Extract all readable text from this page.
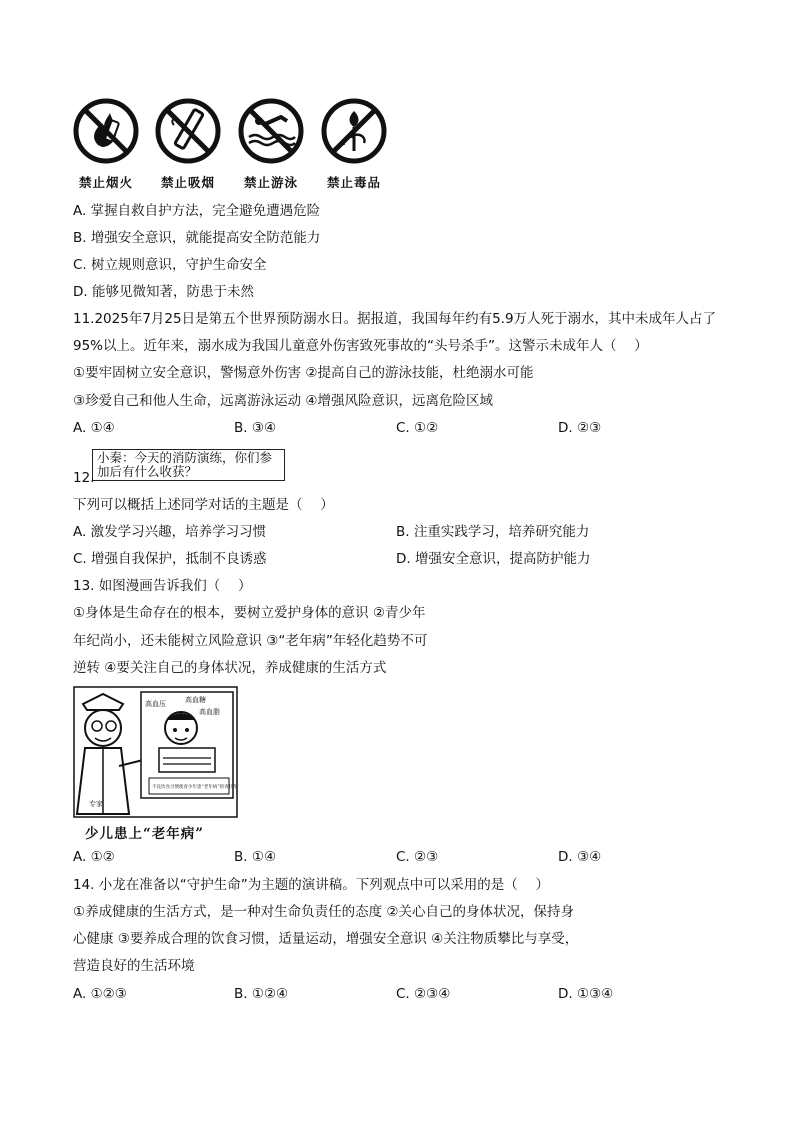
禁止烟火	禁止吸烟	禁止游泳	禁止毒品
A. 掌握自救自护方法，完全避免遭遇危险
B. 增强安全意识，就能提高安全防范能力
C. 树立规则意识，守护生命安全
D. 能够见微知著，防患于未然
11.2025年7月25日是第五个世界预防溺水日。据报道，我国每年约有5.9万人死于溺水，其中未成年人占了
95%以上。近年来，溺水成为我国儿童意外伤害致死事故的“头号杀手”。这警示未成年人（　 ）
①要牢固树立安全意识，警惕意外伤害 ②提高自己的游泳技能，杜绝溺水可能
③珍爱自己和他人生命，远离游泳运动 ④增强风险意识，远离危险区域
A. ①④	B. ③④	C. ①②	D. ②③
小秦：今天的消防演练，你们参加后有什么收获？
12.
下列可以概括上述同学对话的主题是（　 ）
A. 激发学习兴趣，培养学习习惯	B. 注重实践学习，培养研究能力
C. 增强自我保护，抵制不良诱惑	D. 增强安全意识，提高防护能力
13. 如图漫画告诉我们（　 ）
①身体是生命存在的根本，要树立爱护身体的意识 ②青少年
年纪尚小，还未能树立风险意识 ③“老年病”年轻化趋势不可
逆转 ④要关注自己的身体状况，养成健康的生活方式
专家
高血压	高血糖
高血脂
不良饮食习惯使青少年患“老年病”的青壮年
少儿患上“老年病”
A. ①②	B. ①④	C. ②③	D. ③④
14. 小龙在准备以“守护生命”为主题的演讲稿。下列观点中可以采用的是（　 ）
①养成健康的生活方式，是一种对生命负责任的态度 ②关心自己的身体状况，保持身
心健康 ③要养成合理的饮食习惯，适量运动，增强安全意识 ④关注物质攀比与享受，
营造良好的生活环境
A. ①②③	B. ①②④	C. ②③④	D. ①③④
